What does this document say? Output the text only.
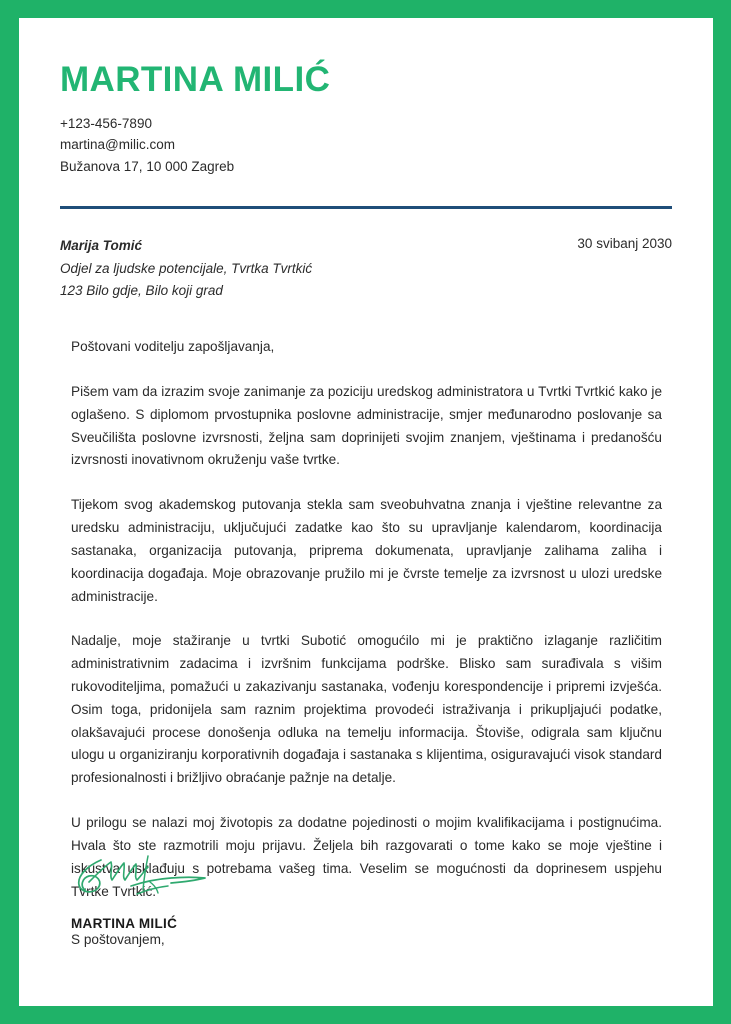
MARTINA MILIĆ
+123-456-7890
martina@milic.com
Bužanova 17, 10 000 Zagreb
Marija Tomić
Odjel za ljudske potencijale, Tvrtka Tvrtkić
123 Bilo gdje, Bilo koji grad
30 svibanj 2030

Poštovani voditelju zapošljavanja,

Pišem vam da izrazim svoje zanimanje za poziciju uredskog administratora u Tvrtki Tvrtkić kako je oglašeno. S diplomom prvostupnika poslovne administracije, smjer međunarodno poslovanje sa Sveučilišta poslovne izvrsnosti, željna sam doprinijeti svojim znanjem, vještinama i predanošću izvrsnosti inovativnom okruženju vaše tvrtke.

Tijekom svog akademskog putovanja stekla sam sveobuhvatna znanja i vještine relevantne za uredsku administraciju, uključujući zadatke kao što su upravljanje kalendarom, koordinacija sastanaka, organizacija putovanja, priprema dokumenata, upravljanje zalihama zaliha i koordinacija događaja. Moje obrazovanje pružilo mi je čvrste temelje za izvrsnost u ulozi uredske administracije.

Nadalje, moje stažiranje u tvrtki Subotić omogućilo mi je praktično izlaganje različitim administrativnim zadacima i izvršnim funkcijama podrške. Blisko sam surađivala s višim rukovoditeljima, pomažući u zakazivanju sastanaka, vođenju korespondencije i pripremi izvješća. Osim toga, pridonijela sam raznim projektima provodeći istraživanja i prikupljajući podatke, olakšavajući procese donošenja odluka na temelju informacija. Štoviše, odigrala sam ključnu ulogu u organiziranju korporativnih događaja i sastanaka s klijentima, osiguravajući visok standard profesionalnosti i brižljivo obraćanje pažnje na detalje.

U prilogu se nalazi moj životopis za dodatne pojedinosti o mojim kvalifikacijama i postignućima. Hvala što ste razmotrili moju prijavu. Željela bih razgovarati o tome kako se moje vještine i iskustva usklađuju s potrebama vašeg tima. Veselim se mogućnosti da doprinesem uspjehu Tvrtke Tvrtkić.

S poštovanjem,

MARTINA MILIĆ
